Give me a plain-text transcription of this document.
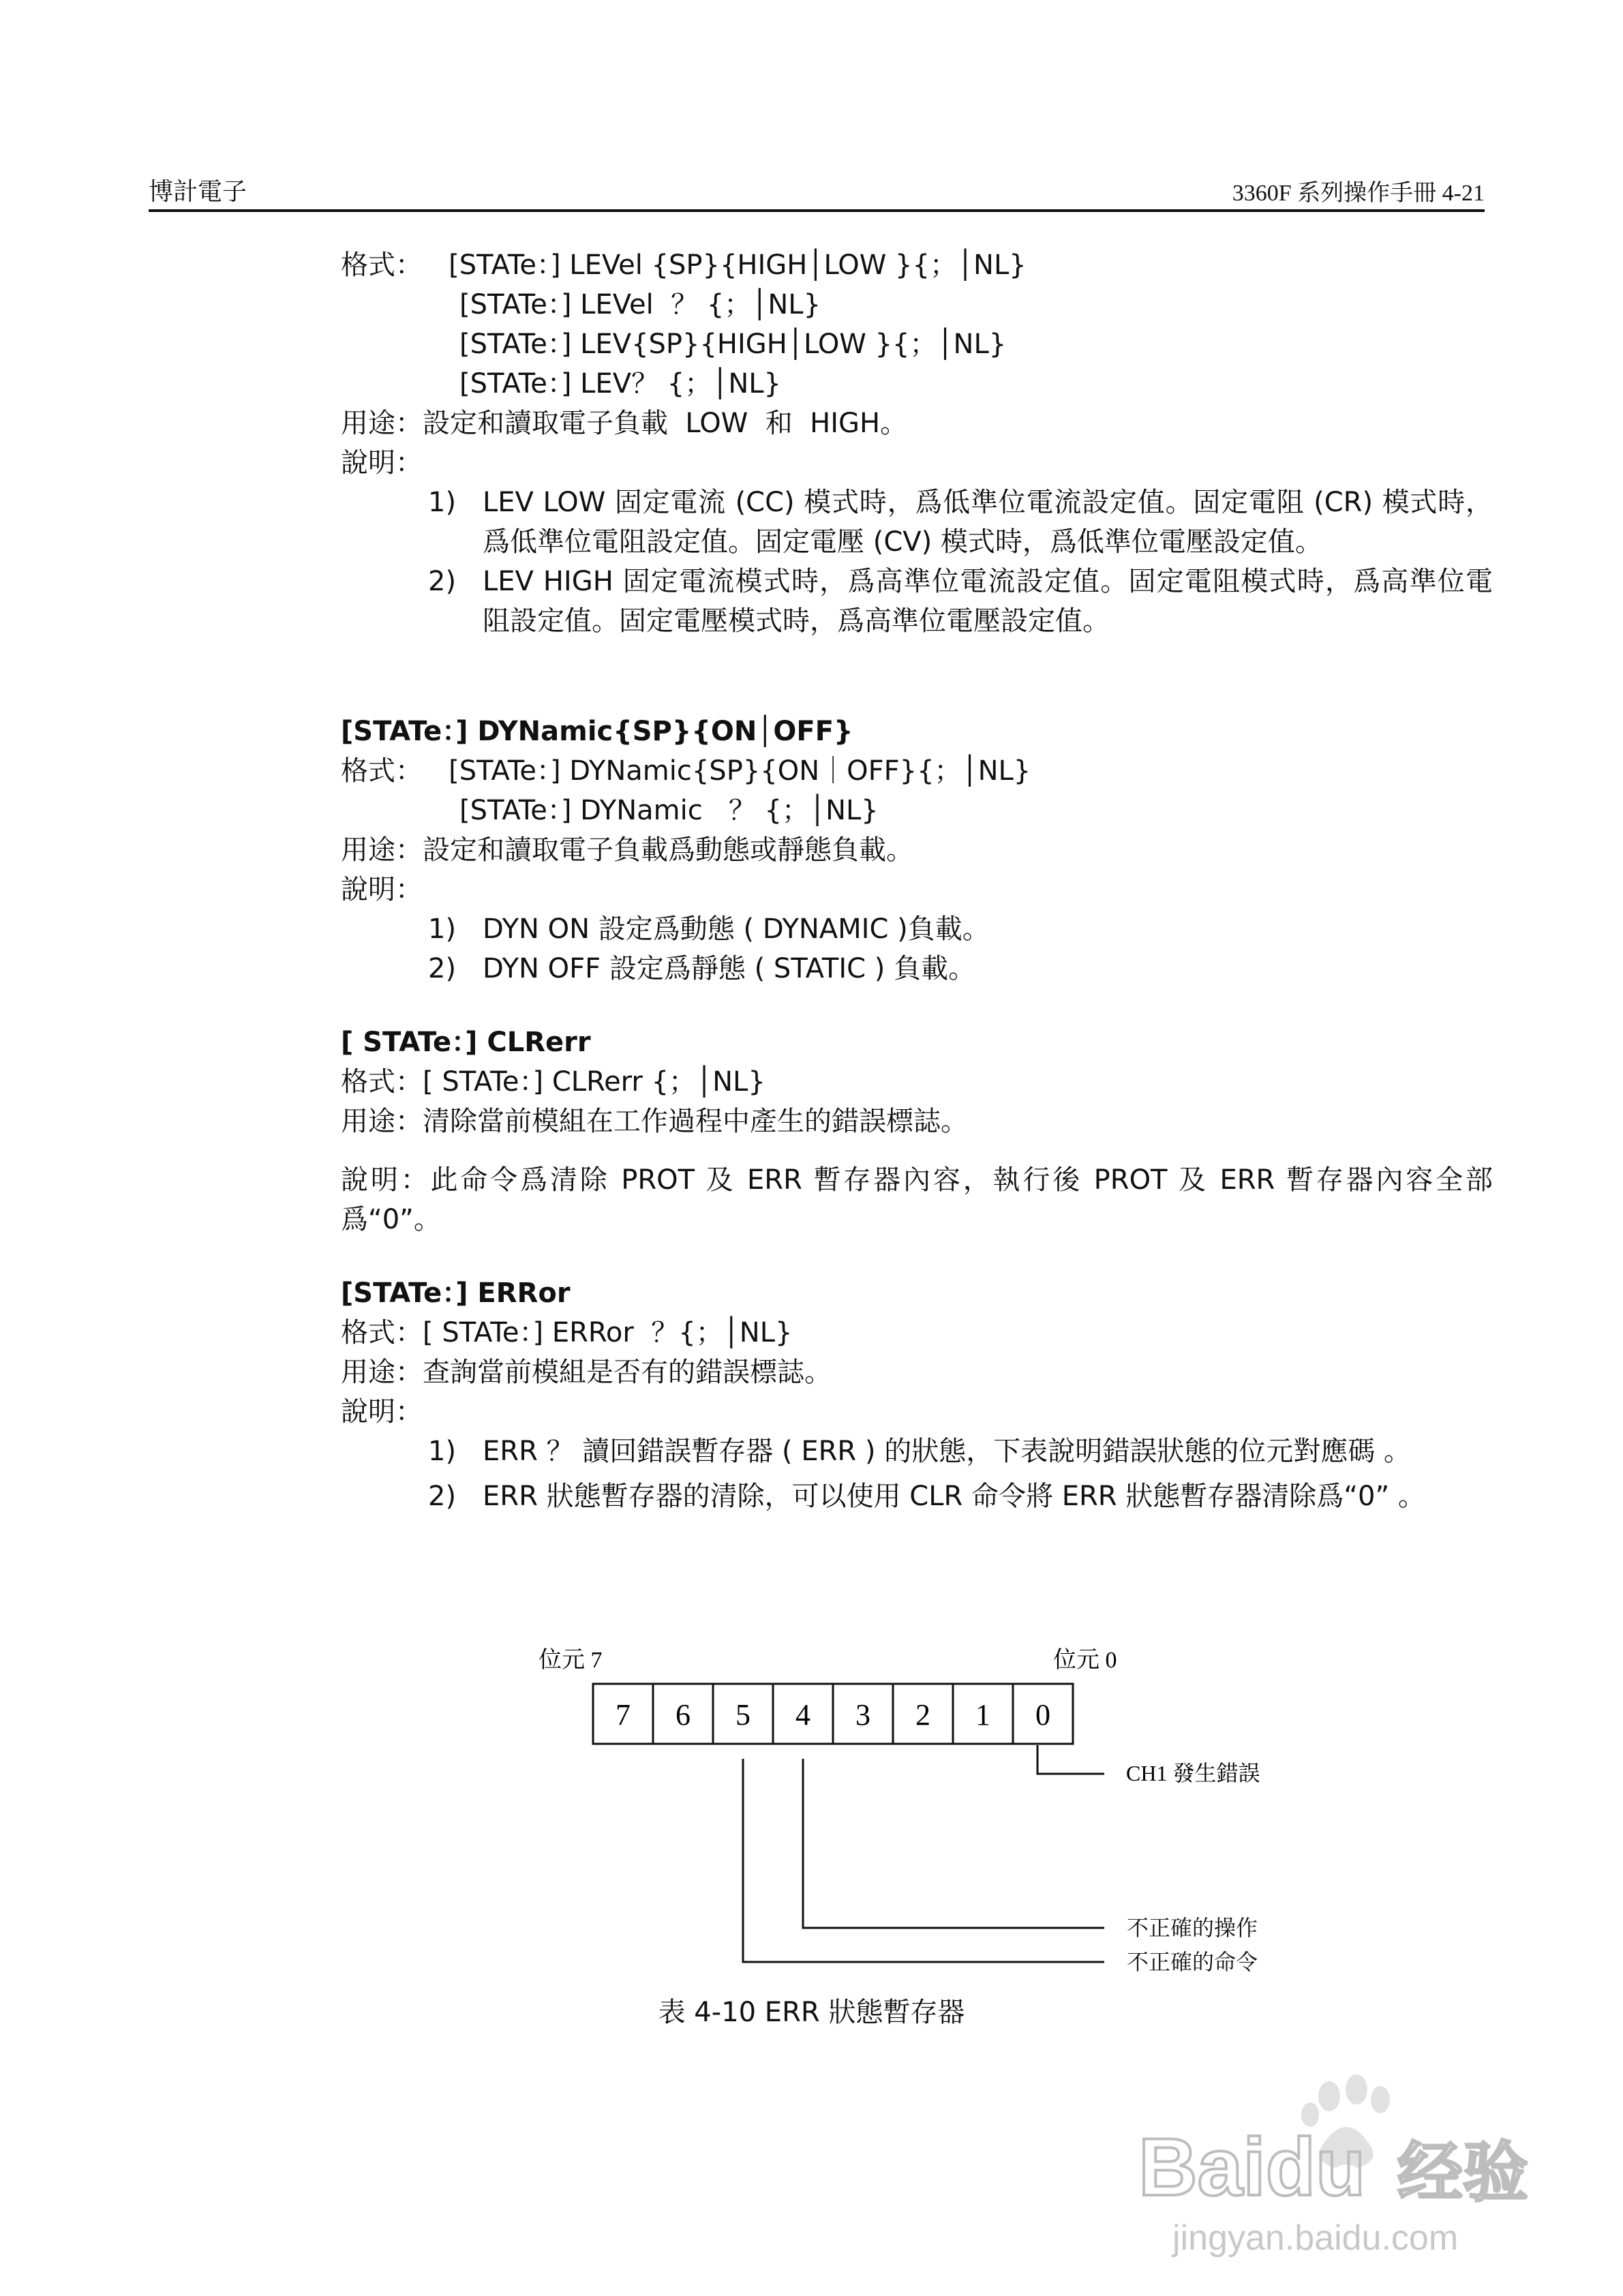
博計電子	3360F 系列操作手冊 4-21
格式： [STATe：] LEVel {SP}{HIGH│LOW }{；│NL}
[STATe：] LEVel  ？ {；│NL}
[STATe：] LEV{SP}{HIGH│LOW }{；│NL}
[STATe：] LEV？ {；│NL}
用途：設定和讀取電子負載  LOW  和  HIGH。
說明：
1) LEV LOW 固定電流 (CC) 模式時，爲低準位電流設定值。固定電阻 (CR) 模式時，爲低準位電阻設定值。固定電壓 (CV) 模式時，爲低準位電壓設定值。
2) LEV HIGH 固定電流模式時，爲高準位電流設定值。固定電阻模式時，爲高準位電阻設定值。固定電壓模式時，爲高準位電壓設定值。
[STATe：] DYNamic{SP}{ON│OFF}
格式： [STATe：] DYNamic{SP}{ON｜OFF}{；│NL}
[STATe：] DYNamic   ？ {；│NL}
用途：設定和讀取電子負載爲動態或靜態負載。
說明：
1) DYN ON 設定爲動態 ( DYNAMIC )負載。
2) DYN OFF 設定爲靜態 ( STATIC ) 負載。
[ STATe：] CLRerr
格式：[ STATe：] CLRerr {；│NL}
用途：清除當前模組在工作過程中產生的錯誤標誌。
說明：此命令爲清除 PROT 及 ERR 暫存器內容，執行後 PROT 及 ERR 暫存器內容全部爲“0”。
[STATe：] ERRor
格式：[ STATe：] ERRor  ？{；│NL}
用途：查詢當前模組是否有的錯誤標誌。
說明：
1) ERR ？ 讀回錯誤暫存器 ( ERR ) 的狀態，下表說明錯誤狀態的位元對應碼 。
2) ERR 狀態暫存器的清除，可以使用 CLR 命令將 ERR 狀態暫存器清除爲“0” 。
位元 7	位元 0
7 6 5 4 3 2 1 0
CH1 發生錯誤
不正確的操作
不正確的命令
表 4-10 ERR 狀態暫存器
Baidu 经验
jingyan.baidu.com
